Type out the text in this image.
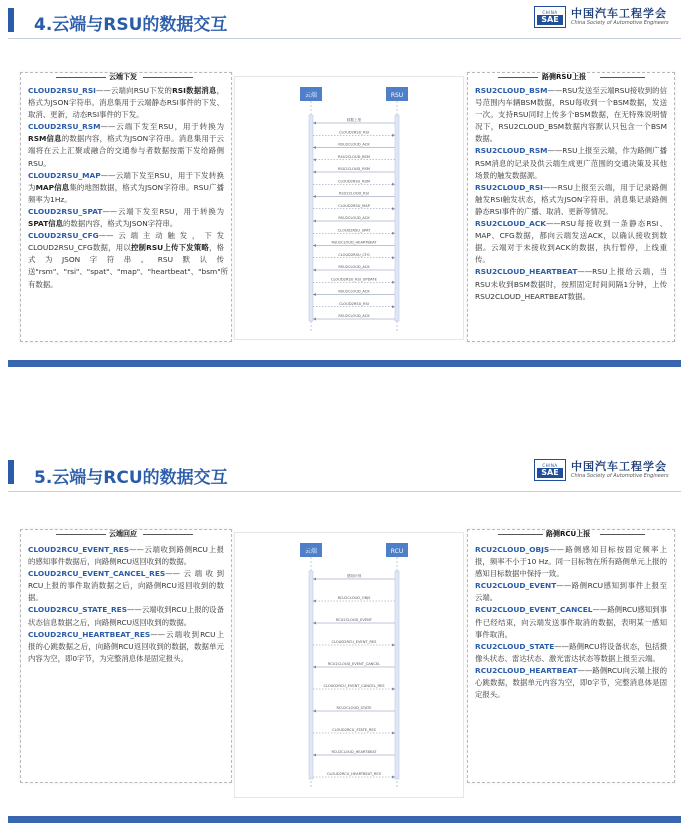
4.云端与RSU的数据交互
CHINA
SAE	中国汽车工程学会
China Society of Automotive Engineers
云端下发

CLOUD2RSU_RSI——云端向RSU下发的RSI数据消息，格式为JSON字符串。消息集用于云端静态RSI事件的下发、取消、更新，动态RSI事件的下发。

CLOUD2RSU_RSM——云端下发至RSU，用于转换为RSM信息的数据内容，格式为JSON字符串。消息集用于云端将在云上汇聚或融合的交通参与者数据按需下发给路侧RSU。

CLOUD2RSU_MAP——云端下发至RSU，用于下发转换为MAP信息集的地图数据，格式为JSON字符串。RSU广播频率为1Hz。

CLOUD2RSU_SPAT——云端下发至RSU，用于转换为SPAT信息的数据内容，格式为JSON字符串。

CLOUD2RSU_CFG——云端主动触发，下发CLOUD2RSU_CFG数据，用以控制RSU上传下发策略，格式为JSON字符串。RSU默认传送"rsm"、"rsi"、"spat"、"map"、"heartbeat"、"bsm"所有数据。

云端	RSU
数据上报
CLOUD2RSU_RSI
RSU2CLOUD_ACK
RSU2CLOUD_BSM
RSU2CLOUD_RSM
CLOUD2RSU_RSM
RSU2CLOUD_RSI
CLOUD2RSU_MAP
RSU2CLOUD_ACK
CLOUD2RSU_SPAT
RSU2CLOUD_HEARTBEAT
CLOUD2RSU_CFG
RSU2CLOUD_ACK
CLOUD2RSU_RSI_UPDATE
RSU2CLOUD_ACK
CLOUD2RSU_RSI
RSU2CLOUD_ACK
路侧RSU上报

RSU2CLOUD_BSM——RSU发送至云端RSU接收到的信号范围内车辆BSM数据，RSU每收到一个BSM数据，发送一次。支持RSU同时上传多个BSM数据，在无特殊说明情况下，RSU2CLOUD_BSM数据内容默认只包含一个BSM数据。

RSU2CLOUD_RSM——RSU上报至云端，作为路侧广播RSM消息的记录及供云端生成更广范围的交通决策及其他场景的触发数据源。

RSU2CLOUD_RSI——RSU上报至云端，用于记录路侧触发RSI触发状态，格式为JSON字符串。消息集记录路侧静态RSI事件的广播、取消、更新等情况。

RSU2CLOUD_ACK——RSU每接收到一条静态RSI、MAP、CFG数据，都向云端发送ACK，以确认接收到数据。云端对于未接收到ACK的数据，执行暂停，上线重传。

RSU2CLOUD_HEARTBEAT——RSU上报给云端，当RSU未收到BSM数据时，按照固定时间间隔1分钟，上传RSU2CLOUD_HEARTBEAT数据。

5.云端与RCU的数据交互
CHINA
SAE	中国汽车工程学会
China Society of Automotive Engineers
云端回应

CLOUD2RCU_EVENT_RES——云端收到路侧RCU上报的感知事件数据后，向路侧RCU返回收到的数据。

CLOUD2RCU_EVENT_CANCEL_RES——云端收到RCU上报的事件取消数据之后，向路侧RCU返回收到的数据。

CLOUD2RCU_STATE_RES——云端收到RCU上报的设备状态信息数据之后，向路侧RCU返回收到的数据。

CLOUD2RCU_HEARTBEAT_RES——云端收到RCU上报的心跳数据之后，向路侧RCU返回收到的数据，数据单元内容为空，即0字节，为完整消息体是固定报头。

云端	RCU
感知识别
RCU2CLOUD_OBJS
RCU2CLOUD_EVENT
CLOUD2RCU_EVENT_RES
RCU2CLOUD_EVENT_CANCEL
CLOUD2RCU_EVENT_CANCEL_RES
RCU2CLOUD_STATE
CLOUD2RCU_STATE_RES
RCU2CLOUD_HEARTBEAT
CLOUD2RCU_HEARTBEAT_RES
路侧RCU上报

RCU2CLOUD_OBJS——路侧感知目标按固定频率上报，频率不小于10 Hz。同一目标物在所有路侧单元上报的感知目标数据中保持一致。

RCU2CLOUD_EVENT——路侧RCU感知到事件上报至云端。

RCU2CLOUD_EVENT_CANCEL——路侧RCU感知到事件已经结束，向云端发送事件取消的数据，表明某一感知事件取消。

RCU2CLOUD_STATE——路侧RCU将设备状态，包括摄像头状态、雷达状态、激光雷达状态等数据上报至云端。

RCU2CLOUD_HEARTBEAT——路侧RCU向云端上报的心跳数据，数据单元内容为空，即0字节，完整消息体是固定报头。
